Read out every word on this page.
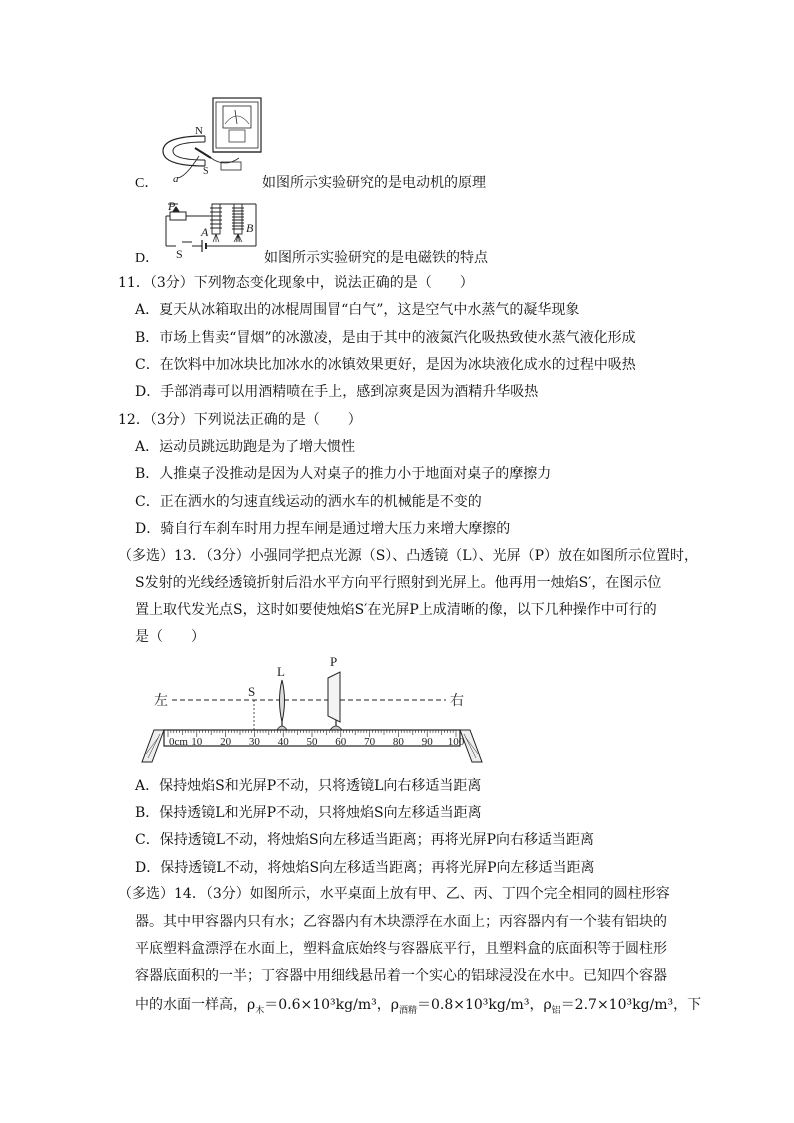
N
S
a
C．	如图所示实验研究的是电动机的原理
P
A	B
S
D．	如图所示实验研究的是电磁铁的特点
11．（3分）下列物态变化现象中，说法正确的是（　　）
A．夏天从冰箱取出的冰棍周围冒“白气”，这是空气中水蒸气的凝华现象
B．市场上售卖“冒烟”的冰激凌，是由于其中的液氮汽化吸热致使水蒸气液化形成
C．在饮料中加冰块比加冰水的冰镇效果更好，是因为冰块液化成水的过程中吸热
D．手部消毒可以用酒精喷在手上，感到凉爽是因为酒精升华吸热
12．（3分）下列说法正确的是（　　）
A．运动员跳远助跑是为了增大惯性
B．人推桌子没推动是因为人对桌子的推力小于地面对桌子的摩擦力
C．正在洒水的匀速直线运动的洒水车的机械能是不变的
D．骑自行车刹车时用力捏车闸是通过增大压力来增大摩擦的
（多选）13．（3分）小强同学把点光源（S）、凸透镜（L）、光屏（P）放在如图所示位置时，
S发射的光线经透镜折射后沿水平方向平行照射到光屏上。他再用一烛焰S′，在图示位
置上取代发光点S，这时如要使烛焰S′在光屏P上成清晰的像，以下几种操作中可行的
是（　　）
左	右
S
L
P
0cm 10 20 30 40 50 60 70 80 90 100
A．保持烛焰S和光屏P不动，只将透镜L向右移适当距离
B．保持透镜L和光屏P不动，只将烛焰S向左移适当距离
C．保持透镜L不动，将烛焰S向左移适当距离；再将光屏P向右移适当距离
D．保持透镜L不动，将烛焰S向左移适当距离；再将光屏P向左移适当距离
（多选）14．（3分）如图所示，水平桌面上放有甲、乙、丙、丁四个完全相同的圆柱形容
器。其中甲容器内只有水；乙容器内有木块漂浮在水面上；丙容器内有一个装有铝块的
平底塑料盒漂浮在水面上，塑料盒底始终与容器底平行，且塑料盒的底面积等于圆柱形
容器底面积的一半；丁容器中用细线悬吊着一个实心的铝球浸没在水中。已知四个容器
中的水面一样高，$\rho_木=0.6\times 10^3kg/m^3$，$\rho_{酒精}=0.8\times 10^3kg/m^3$，$\rho_铝=2.7\times 10^3kg/m^3$，下
